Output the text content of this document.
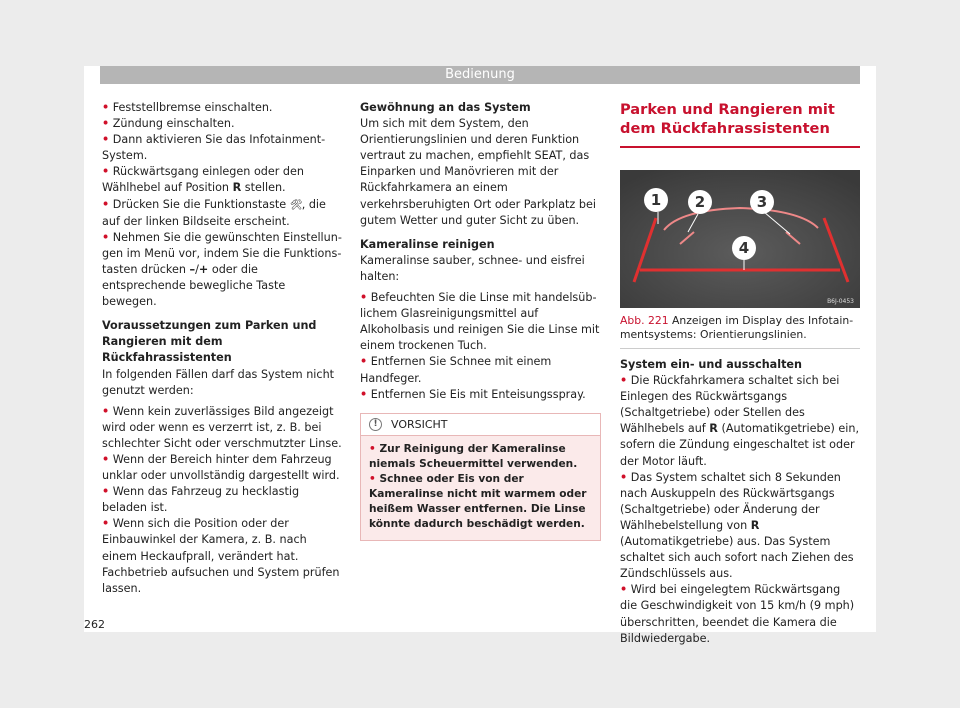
Bedienung

• Feststellbremse einschalten.

• Zündung einschalten.

• Dann aktivieren Sie das Infotainment-System.

• Rückwärtsgang einlegen oder den Wählhebel auf Position R stellen.

• Drücken Sie die Funktionstaste 🛠, die auf der linken Bildseite erscheint.

• Nehmen Sie die gewünschten Einstellungen im Menü vor, indem Sie die Funktionstasten drücken –/+ oder die entsprechende bewegliche Taste bewegen.

Voraussetzungen zum Parken und Rangieren mit dem Rückfahrassistenten

In folgenden Fällen darf das System nicht genutzt werden:

• Wenn kein zuverlässiges Bild angezeigt wird oder wenn es verzerrt ist, z. B. bei schlechter Sicht oder verschmutzter Linse.

• Wenn der Bereich hinter dem Fahrzeug unklar oder unvollständig dargestellt wird.

• Wenn das Fahrzeug zu hecklastig beladen ist.

• Wenn sich die Position oder der Einbauwinkel der Kamera, z. B. nach einem Heckaufprall, verändert hat. Fachbetrieb aufsuchen und System prüfen lassen.

Gewöhnung an das System

Um sich mit dem System, den Orientierungslinien und deren Funktion vertraut zu machen, empfiehlt SEAT, das Einparken und Manövrieren mit der Rückfahrkamera an einem verkehrsberuhigten Ort oder Parkplatz bei gutem Wetter und guter Sicht zu üben.

Kameralinse reinigen

Kameralinse sauber, schnee- und eisfrei halten:

• Befeuchten Sie die Linse mit handelsüblichem Glasreinigungsmittel auf Alkoholbasis und reinigen Sie die Linse mit einem trockenen Tuch.

• Entfernen Sie Schnee mit einem Handfeger.

• Entfernen Sie Eis mit Enteisungsspray.

!	VORSICHT

• Zur Reinigung der Kameralinse niemals Scheuermittel verwenden.

• Schnee oder Eis von der Kameralinse nicht mit warmem oder heißem Wasser entfernen. Die Linse könnte dadurch beschädigt werden.

Parken und Rangieren mit dem Rückfahrassistenten

1 2	3
4
B6J-0453

Abb. 221 Anzeigen im Display des Infotainmentsystems: Orientierungslinien.

System ein- und ausschalten

• Die Rückfahrkamera schaltet sich bei Einlegen des Rückwärtsgangs (Schaltgetriebe) oder Stellen des Wählhebels auf R (Automatikgetriebe) ein, sofern die Zündung eingeschaltet ist oder der Motor läuft.

• Das System schaltet sich 8 Sekunden nach Auskuppeln des Rückwärtsgangs (Schaltgetriebe) oder Änderung der Wählhebelstellung von R (Automatikgetriebe) aus. Das System schaltet sich auch sofort nach Ziehen des Zündschlüssels aus.

• Wird bei eingelegtem Rückwärtsgang die Geschwindigkeit von 15 km/h (9 mph) überschritten, beendet die Kamera die Bildwiedergabe.

262
